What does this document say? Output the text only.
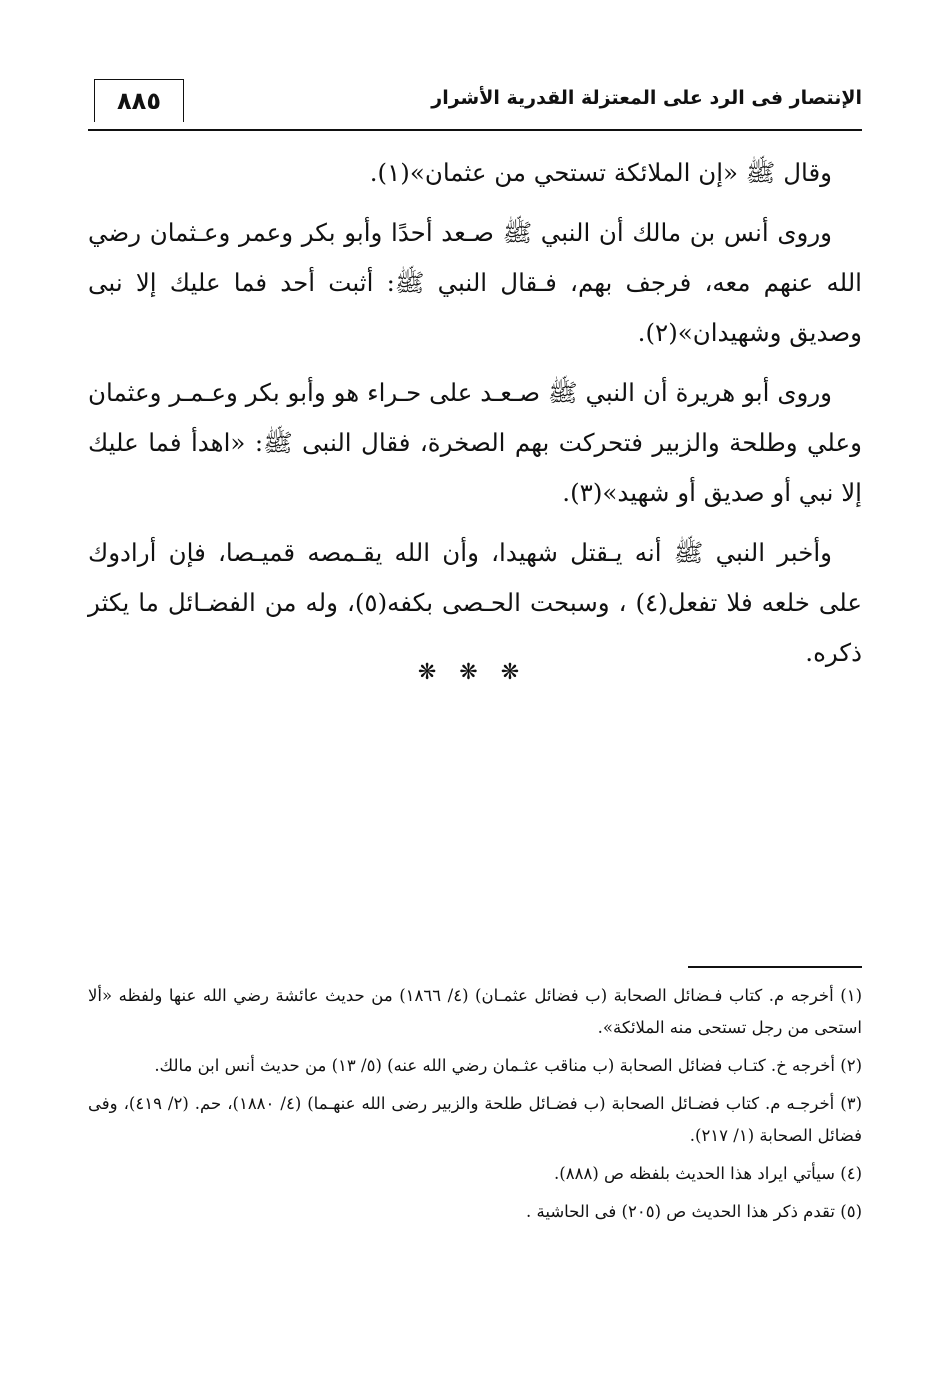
٨٨٥	الإنتصار فى الرد على المعتزلة القدرية الأشرار

وقال ﷺ «إن الملائكة تستحي من عثمان»(١).

وروى أنس بن مالك أن النبي ﷺ صـعد أحدًا وأبو بكر وعمر وعـثمان رضي الله عنهم معه، فرجف بهم، فـقال النبي ﷺ: أثبت أحد فما عليك إلا نبى وصديق وشهيدان»(٢).

وروى أبو هريرة أن النبي ﷺ صـعـد على حـراء هو وأبو بكر وعـمـر وعثمان وعلي وطلحة والزبير فتحركت بهم الصخرة، فقال النبى ﷺ: «اهدأ فما عليك إلا نبي أو صديق أو شهيد»(٣).

وأخبر النبي ﷺ أنه يـقتل شهيدا، وأن الله يقـمصه قميـصا، فإن أرادوك على خلعه فلا تفعل(٤) ، وسبحت الحـصى بكفه(٥)، وله من الفضـائل ما يكثر ذكره.

❋ ❋ ❋

(١) أخرجه م. كتاب فـضائل الصحابة (ب فضائل عثمـان) (٤/ ١٨٦٦) من حديث عائشة رضي الله عنها ولفظه «ألا استحى من رجل تستحى منه الملائكة».

(٢) أخرجه خ. كتـاب فضائل الصحابة (ب مناقب عثـمان رضي الله عنه) (٥/ ١٣) من حديث أنس ابن مالك.

(٣) أخرجـه م. كتاب فضـائل الصحابة (ب فضـائل طلحة والزبير رضى الله عنهـما) (٤/ ١٨٨٠)، حم. (٢/ ٤١٩)، وفى فضائل الصحابة (١/ ٢١٧).

(٤) سيأتي ايراد هذا الحديث بلفظه ص (٨٨٨).

(٥) تقدم ذكر هذا الحديث ص (٢٠٥) فى الحاشية .
